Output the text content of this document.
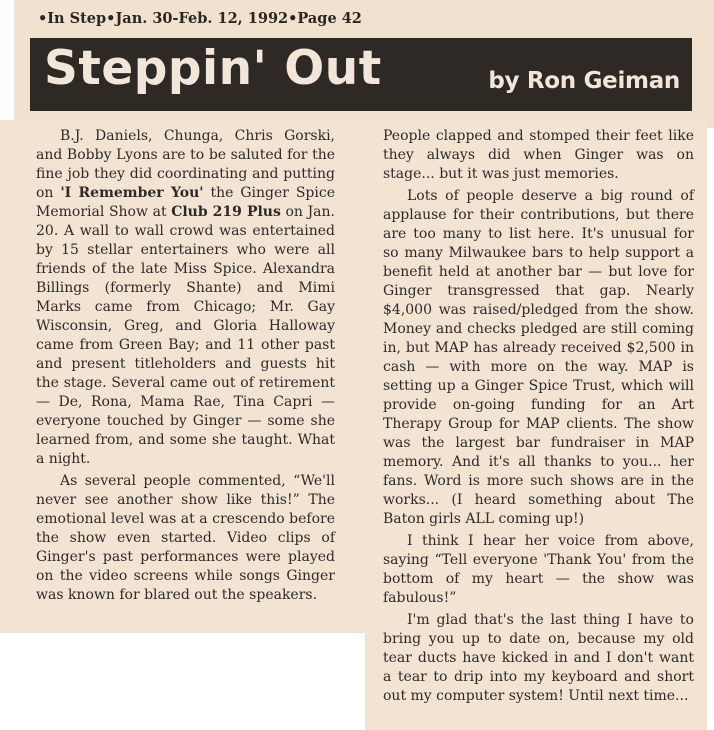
•In Step•Jan. 30-Feb. 12, 1992•Page 42

Steppin' Out	by Ron Geiman

B.J. Daniels, Chunga, Chris Gorski, and Bobby Lyons are to be saluted for the fine job they did coordinating and putting on 'I Remember You' the Ginger Spice Memorial Show at Club 219 Plus on Jan. 20. A wall to wall crowd was entertained by 15 stellar entertainers who were all friends of the late Miss Spice. Alexandra Billings (formerly Shante) and Mimi Marks came from Chicago; Mr. Gay Wisconsin, Greg, and Gloria Halloway came from Green Bay; and 11 other past and present titleholders and guests hit the stage. Several came out of retirement — De, Rona, Mama Rae, Tina Capri — everyone touched by Ginger — some she learned from, and some she taught. What a night.

As several people commented, “We'll never see another show like this!” The emotional level was at a crescendo before the show even started. Video clips of Ginger's past performances were played on the video screens while songs Ginger was known for blared out the speakers.

People clapped and stomped their feet like they always did when Ginger was on stage... but it was just memories.

Lots of people deserve a big round of applause for their contributions, but there are too many to list here. It's unusual for so many Milwaukee bars to help support a benefit held at another bar — but love for Ginger transgressed that gap. Nearly $4,000 was raised/pledged from the show. Money and checks pledged are still coming in, but MAP has already received $2,500 in cash — with more on the way. MAP is setting up a Ginger Spice Trust, which will provide on-going funding for an Art Therapy Group for MAP clients. The show was the largest bar fundraiser in MAP memory. And it's all thanks to you... her fans. Word is more such shows are in the works... (I heard something about The Baton girls ALL coming up!)

I think I hear her voice from above, saying “Tell everyone 'Thank You' from the bottom of my heart — the show was fabulous!”

I'm glad that's the last thing I have to bring you up to date on, because my old tear ducts have kicked in and I don't want a tear to drip into my keyboard and short out my computer system! Until next time...
